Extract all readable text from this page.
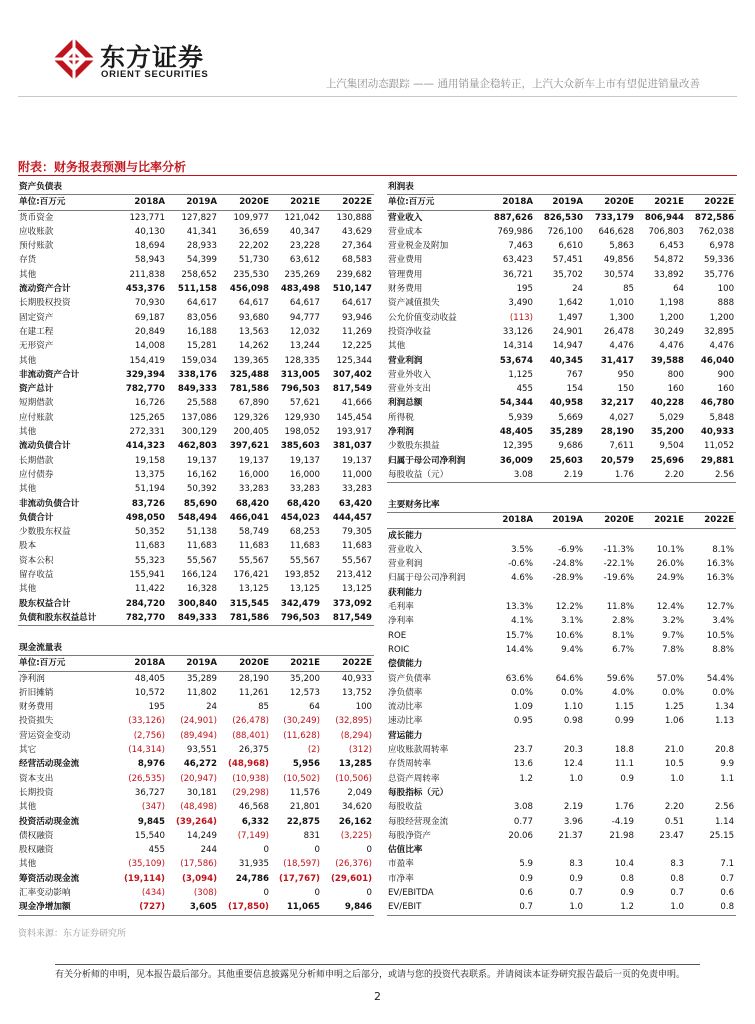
东方证券
ORIENT SECURITIES
上汽集团动态跟踪 —— 通用销量企稳转正，上汽大众新车上市有望促进销量改善
附表：财务报表预测与比率分析
资产负债表					
单位:百万元	2018A	2019A	2020E	2021E	2022E
货币资金	123,771	127,827	109,977	121,042	130,888
应收账款	40,130	41,341	36,659	40,347	43,629
预付账款	18,694	28,933	22,202	23,228	27,364
存货	58,943	54,399	51,730	63,612	68,583
其他	211,838	258,652	235,530	235,269	239,682
流动资产合计	453,376	511,158	456,098	483,498	510,147
长期股权投资	70,930	64,617	64,617	64,617	64,617
固定资产	69,187	83,056	93,680	94,777	93,946
在建工程	20,849	16,188	13,563	12,032	11,269
无形资产	14,008	15,281	14,262	13,244	12,225
其他	154,419	159,034	139,365	128,335	125,344
非流动资产合计	329,394	338,176	325,488	313,005	307,402
资产总计	782,770	849,333	781,586	796,503	817,549
短期借款	16,726	25,588	67,890	57,621	41,666
应付账款	125,265	137,086	129,326	129,930	145,454
其他	272,331	300,129	200,405	198,052	193,917
流动负债合计	414,323	462,803	397,621	385,603	381,037
长期借款	19,158	19,137	19,137	19,137	19,137
应付债券	13,375	16,162	16,000	16,000	11,000
其他	51,194	50,392	33,283	33,283	33,283
非流动负债合计	83,726	85,690	68,420	68,420	63,420
负债合计	498,050	548,494	466,041	454,023	444,457
少数股东权益	50,352	51,138	58,749	68,253	79,305
股本	11,683	11,683	11,683	11,683	11,683
资本公积	55,323	55,567	55,567	55,567	55,567
留存收益	155,941	166,124	176,421	193,852	213,412
其他	11,422	16,328	13,125	13,125	13,125
股东权益合计	284,720	300,840	315,545	342,479	373,092
负债和股东权益总计	782,770	849,333	781,586	796,503	817,549
现金流量表					
单位:百万元	2018A	2019A	2020E	2021E	2022E
净利润	48,405	35,289	28,190	35,200	40,933
折旧摊销	10,572	11,802	11,261	12,573	13,752
财务费用	195	24	85	64	100
投资损失	(33,126)	(24,901)	(26,478)	(30,249)	(32,895)
营运资金变动	(2,756)	(89,494)	(88,401)	(11,628)	(8,294)
其它	(14,314)	93,551	26,375	(2)	(312)
经营活动现金流	8,976	46,272	(48,968)	5,956	13,285
资本支出	(26,535)	(20,947)	(10,938)	(10,502)	(10,506)
长期投资	36,727	30,181	(29,298)	11,576	2,049
其他	(347)	(48,498)	46,568	21,801	34,620
投资活动现金流	9,845	(39,264)	6,332	22,875	26,162
债权融资	15,540	14,249	(7,149)	831	(3,225)
股权融资	455	244	0	0	0
其他	(35,109)	(17,586)	31,935	(18,597)	(26,376)
筹资活动现金流	(19,114)	(3,094)	24,786	(17,767)	(29,601)
汇率变动影响	(434)	(308)	0	0	0
现金净增加额	(727)	3,605	(17,850)	11,065	9,846
利润表					
单位:百万元	2018A	2019A	2020E	2021E	2022E
营业收入	887,626	826,530	733,179	806,944	872,586
营业成本	769,986	726,100	646,628	706,803	762,038
营业税金及附加	7,463	6,610	5,863	6,453	6,978
营业费用	63,423	57,451	49,856	54,872	59,336
管理费用	36,721	35,702	30,574	33,892	35,776
财务费用	195	24	85	64	100
资产减值损失	3,490	1,642	1,010	1,198	888
公允价值变动收益	(113)	1,497	1,300	1,200	1,200
投资净收益	33,126	24,901	26,478	30,249	32,895
其他	14,314	14,947	4,476	4,476	4,476
营业利润	53,674	40,345	31,417	39,588	46,040
营业外收入	1,125	767	950	800	900
营业外支出	455	154	150	160	160
利润总额	54,344	40,958	32,217	40,228	46,780
所得税	5,939	5,669	4,027	5,029	5,848
净利润	48,405	35,289	28,190	35,200	40,933
少数股东损益	12,395	9,686	7,611	9,504	11,052
归属于母公司净利润	36,009	25,603	20,579	25,696	29,881
每股收益（元）	3.08	2.19	1.76	2.20	2.56
主要财务比率					
	2018A	2019A	2020E	2021E	2022E
成长能力					
营业收入	3.5%	-6.9%	-11.3%	10.1%	8.1%
营业利润	-0.6%	-24.8%	-22.1%	26.0%	16.3%
归属于母公司净利润	4.6%	-28.9%	-19.6%	24.9%	16.3%
获利能力					
毛利率	13.3%	12.2%	11.8%	12.4%	12.7%
净利率	4.1%	3.1%	2.8%	3.2%	3.4%
ROE	15.7%	10.6%	8.1%	9.7%	10.5%
ROIC	14.4%	9.4%	6.7%	7.8%	8.8%
偿债能力					
资产负债率	63.6%	64.6%	59.6%	57.0%	54.4%
净负债率	0.0%	0.0%	4.0%	0.0%	0.0%
流动比率	1.09	1.10	1.15	1.25	1.34
速动比率	0.95	0.98	0.99	1.06	1.13
营运能力					
应收账款周转率	23.7	20.3	18.8	21.0	20.8
存货周转率	13.6	12.4	11.1	10.5	9.9
总资产周转率	1.2	1.0	0.9	1.0	1.1
每股指标（元）					
每股收益	3.08	2.19	1.76	2.20	2.56
每股经营现金流	0.77	3.96	-4.19	0.51	1.14
每股净资产	20.06	21.37	21.98	23.47	25.15
估值比率					
市盈率	5.9	8.3	10.4	8.3	7.1
市净率	0.9	0.9	0.8	0.8	0.7
EV/EBITDA	0.6	0.7	0.9	0.7	0.6
EV/EBIT	0.7	1.0	1.2	1.0	0.8
资料来源：东方证券研究所
有关分析师的申明，见本报告最后部分。其他重要信息披露见分析师申明之后部分，或请与您的投资代表联系。并请阅读本证券研究报告最后一页的免责申明。
2
